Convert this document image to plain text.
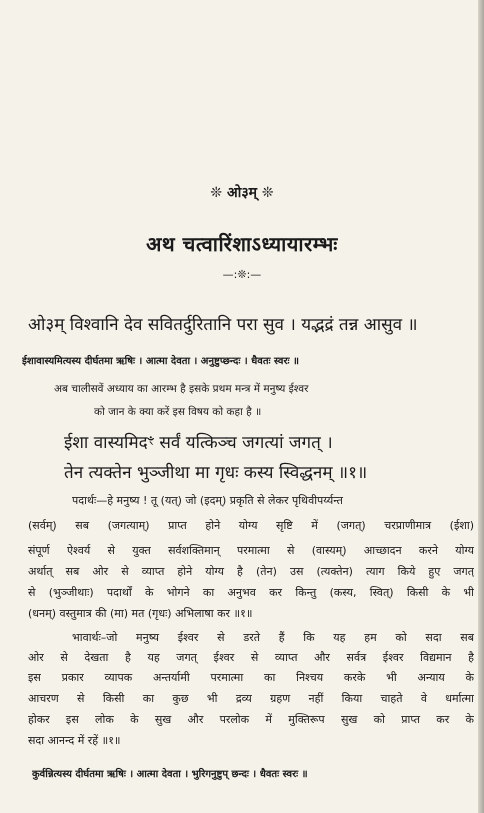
❊ ओ३म् ❊
अथ चत्वारिंशाऽध्यायारम्भः
—:❊:—
ओ३म् विश्वानि देव सवितर्दुरितानि परा सुव । यद्भद्रं तन्न आसुव ॥
ईशावास्यमित्यस्य दीर्घतमा ऋषिः । आत्मा देवता । अनुष्टुप्छन्दः । धैवतः स्वरः ॥
अब चालीसवें अध्याय का आरम्भ है इसके प्रथम मन्त्र में मनुष्य ईश्वर
को जान के क्या करें इस विषय को कहा है ॥
ईशा वास्यमिदꣳ सर्वं यत्किञ्च जगत्यां जगत् ।
तेन त्यक्तेन भुञ्जीथा मा गृधः कस्य स्विद्धनम् ॥१॥
पदार्थः—हे मनुष्य ! तू (यत्) जो (इदम्) प्रकृति से लेकर पृथिवीपर्य्यन्त
(सर्वम्) सब (जगत्याम्) प्राप्त होने योग्य सृष्टि में (जगत्) चरप्राणीमात्र (ईशा)
संपूर्ण ऐश्वर्य से युक्त सर्वशक्तिमान् परमात्मा से (वास्यम्) आच्छादन करने योग्य
अर्थात् सब ओर से व्याप्त होने योग्य है (तेन) उस (त्यक्तेन) त्याग किये हुए जगत्
से (भुञ्जीथाः) पदार्थों के भोगने का अनुभव कर किन्तु (कस्य, स्वित्) किसी के भी
(धनम्) वस्तुमात्र की (मा) मत (गृधः) अभिलाषा कर ॥१॥
भावार्थः–जो मनुष्य ईश्वर से डरते हैं कि यह हम को सदा सब
ओर से देखता है यह जगत् ईश्वर से व्याप्त और सर्वत्र ईश्वर विद्यमान है
इस प्रकार व्यापक अन्तर्यामी परमात्मा का निश्चय करके भी अन्याय के
आचरण से किसी का कुछ भी द्रव्य ग्रहण नहीं किया चाहते वे धर्मात्मा
होकर इस लोक के सुख और परलोक में मुक्तिरूप सुख को प्राप्त कर के
सदा आनन्द में रहें ॥१॥
कुर्वन्नित्यस्य दीर्घतमा ऋषिः । आत्मा देवता । भुरिगनुष्टुप् छन्दः । धैवतः स्वरः ॥
